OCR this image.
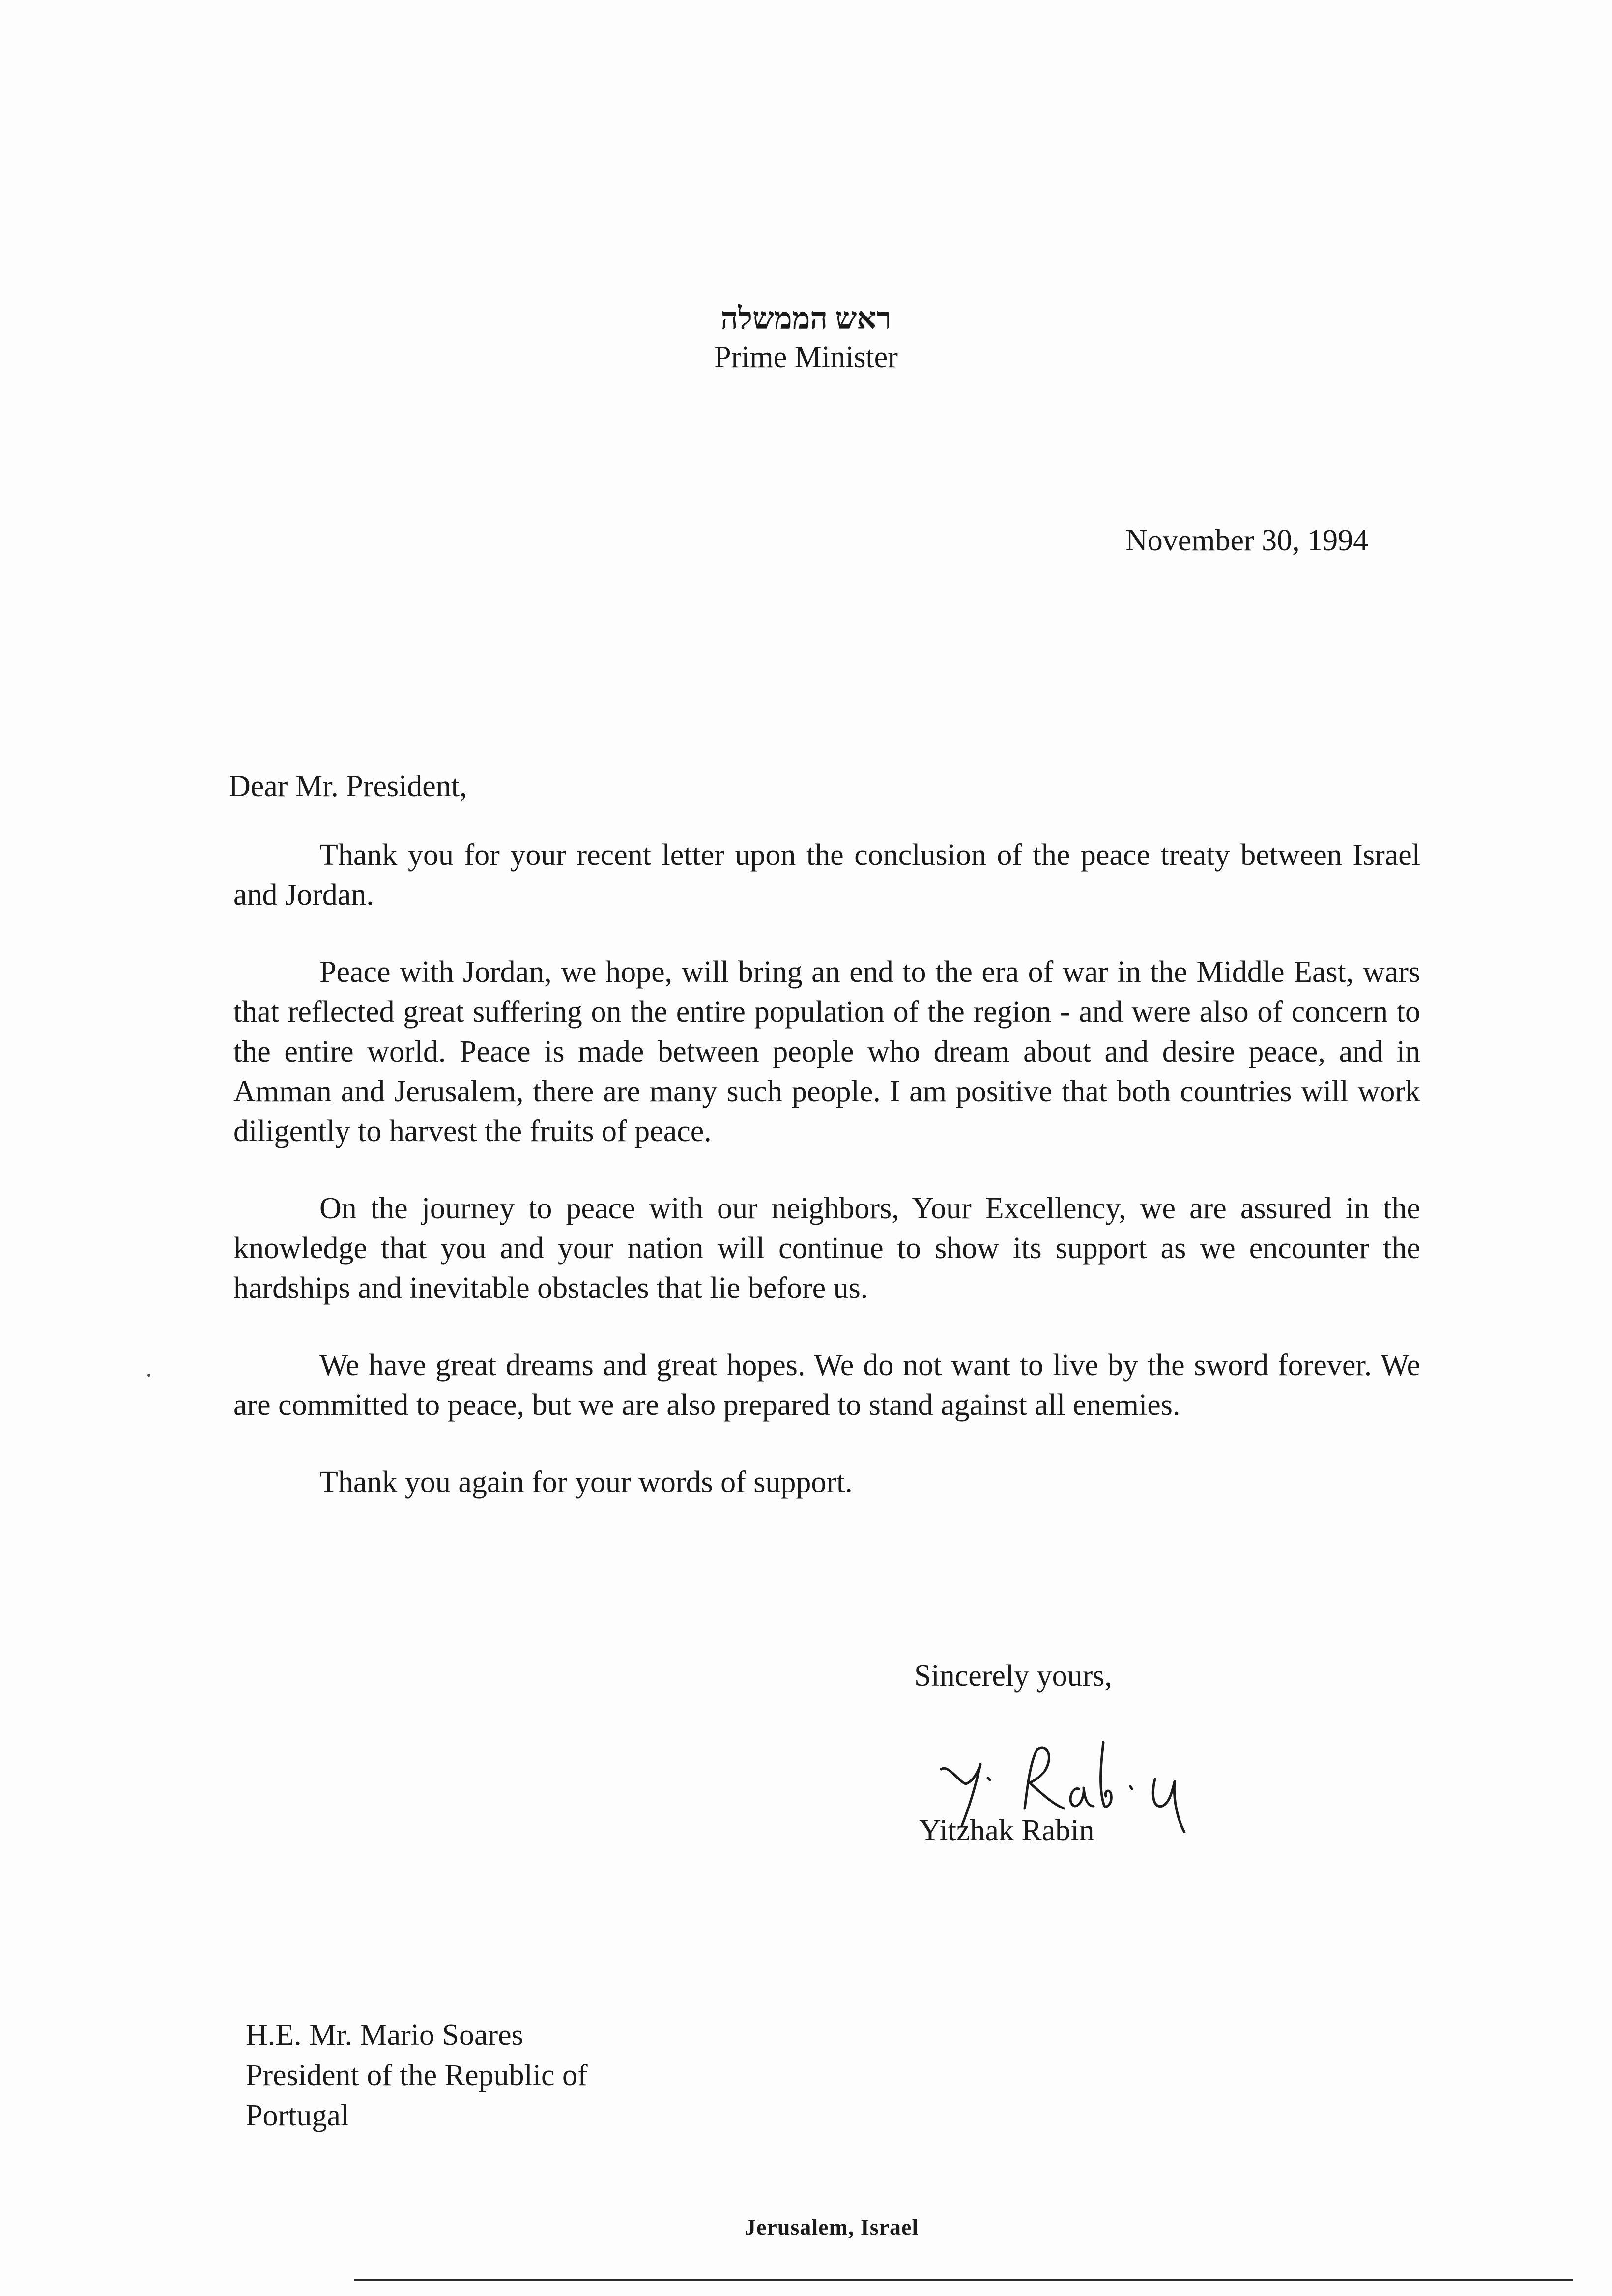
ראש הממשלה
Prime Minister
November 30, 1994
Dear Mr. President,

Thank you for your recent letter upon the conclusion of the peace treaty between Israel and Jordan.

Peace with Jordan, we hope, will bring an end to the era of war in the Middle East, wars that reflected great suffering on the entire population of the region - and were also of concern to the entire world. Peace is made between people who dream about and desire peace, and in Amman and Jerusalem, there are many such people. I am positive that both countries will work diligently to harvest the fruits of peace.

On the journey to peace with our neighbors, Your Excellency, we are assured in the knowledge that you and your nation will continue to show its support as we encounter the hardships and inevitable obstacles that lie before us.

We have great dreams and great hopes. We do not want to live by the sword forever. We are committed to peace, but we are also prepared to stand against all enemies.

Thank you again for your words of support.

Sincerely yours,
Yitzhak Rabin
H.E. Mr. Mario Soares
President of the Republic of
Portugal
Jerusalem, Israel
